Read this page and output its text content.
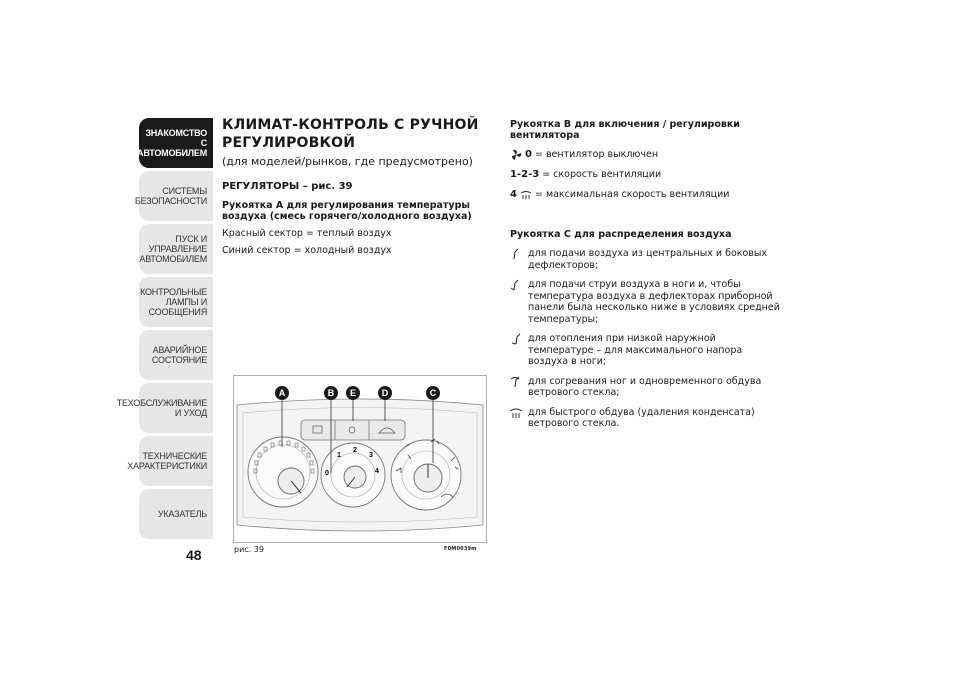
ЗНАКОМСТВО С АВТОМОБИЛЕМ
СИСТЕМЫ БЕЗОПАСНОСТИ
ПУСК И УПРАВЛЕНИЕ АВТОМОБИЛЕМ
КОНТРОЛЬНЫЕ ЛАМПЫ И СООБЩЕНИЯ
АВАРИЙНОЕ СОСТОЯНИЕ
ТЕХОБСЛУЖИВАНИЕ И УХОД
ТЕХНИЧЕСКИЕ ХАРАКТЕРИСТИКИ
УКАЗАТЕЛЬ
48
КЛИМАТ-КОНТРОЛЬ С РУЧНОЙ РЕГУЛИРОВКОЙ

(для моделей/рынков, где предусмотрено)

РЕГУЛЯТОРЫ – рис. 39

Рукоятка A для регулирования температуры воздуха (смесь горячего/холодного воздуха)

Красный сектор = теплый воздух

Синий сектор = холодный воздух

0
1
2
3
4
A	B E	D	C
рис. 39	F0M0039m

Рукоятка B для включения / регулировки вентилятора

0 = вентилятор выключен
1-2-3 = скорость вентиляции
4 = максимальная скорость вентиляции

Рукоятка C для распределения воздуха

для подачи воздуха из центральных и боковых дефлекторов;
для подачи струи воздуха в ноги и, чтобы температура воздуха в дефлекторах приборной панели была несколько ниже в условиях средней температуры;
для отопления при низкой наружной температуре – для максимального напора воздуха в ноги;
для согревания ног и одновременного обдува ветрового стекла;
для быстрого обдува (удаления конденсата) ветрового стекла.
